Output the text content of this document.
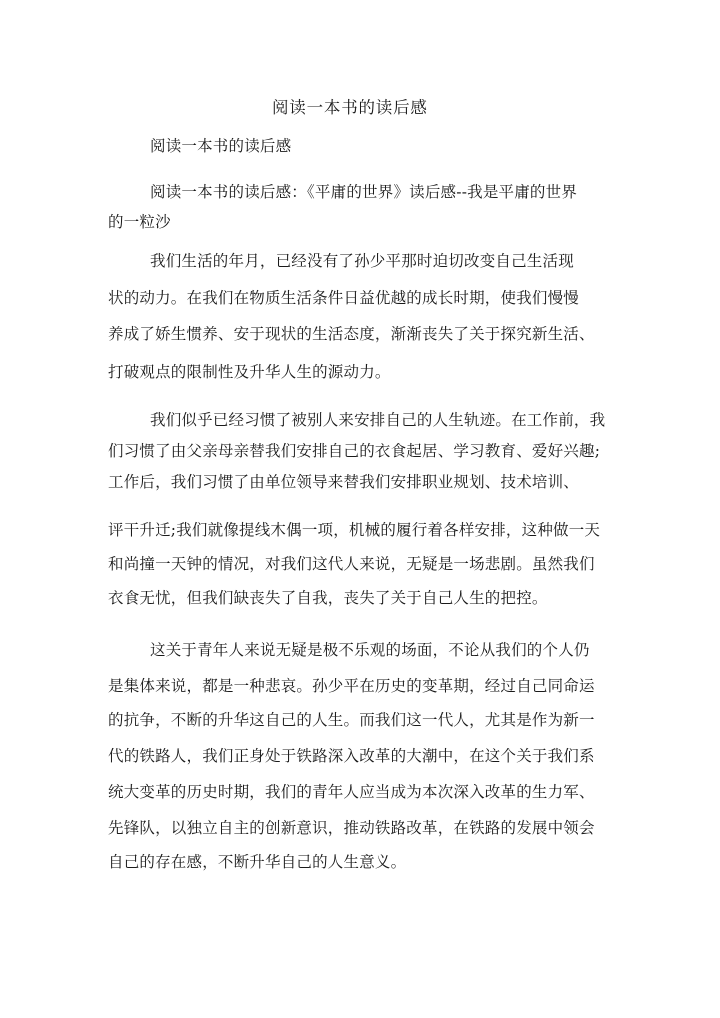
阅读一本书的读后感
阅读一本书的读后感
阅读一本书的读后感：《平庸的世界》读后感--我是平庸的世界
的一粒沙
我们生活的年月，已经没有了孙少平那时迫切改变自己生活现
状的动力。在我们在物质生活条件日益优越的成长时期，使我们慢慢
养成了娇生惯养、安于现状的生活态度，渐渐丧失了关于探究新生活、
打破观点的限制性及升华人生的源动力。
我们似乎已经习惯了被别人来安排自己的人生轨迹。在工作前，我
们习惯了由父亲母亲替我们安排自己的衣食起居、学习教育、爱好兴趣;
工作后，我们习惯了由单位领导来替我们安排职业规划、技术培训、
评干升迁;我们就像提线木偶一项，机械的履行着各样安排，这种做一天
和尚撞一天钟的情况，对我们这代人来说，无疑是一场悲剧。虽然我们
衣食无忧，但我们缺丧失了自我，丧失了关于自己人生的把控。
这关于青年人来说无疑是极不乐观的场面，不论从我们的个人仍
是集体来说，都是一种悲哀。孙少平在历史的变革期，经过自己同命运
的抗争，不断的升华这自己的人生。而我们这一代人，尤其是作为新一
代的铁路人，我们正身处于铁路深入改革的大潮中，在这个关于我们系
统大变革的历史时期，我们的青年人应当成为本次深入改革的生力军、
先锋队，以独立自主的创新意识，推动铁路改革，在铁路的发展中领会
自己的存在感，不断升华自己的人生意义。
